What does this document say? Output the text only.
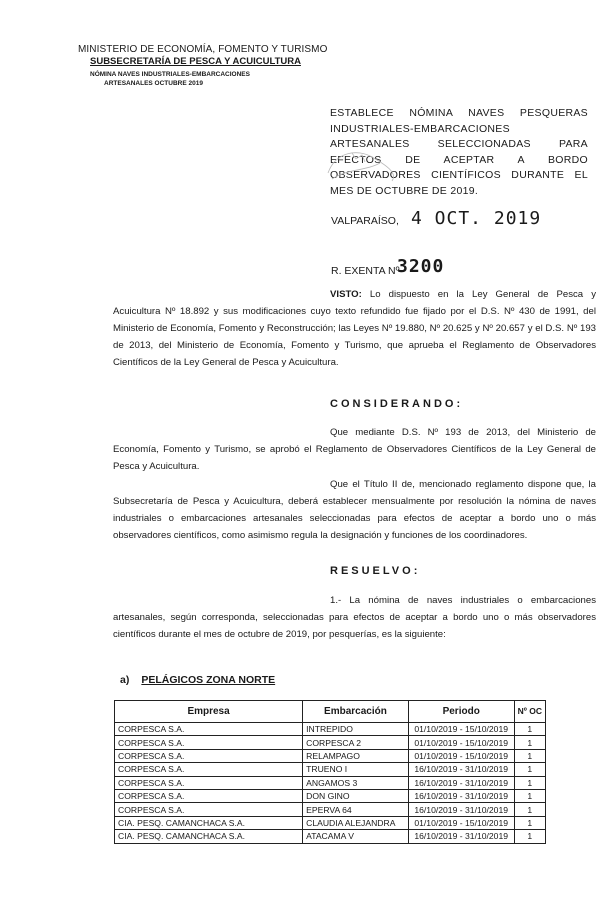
MINISTERIO DE ECONOMÍA, FOMENTO Y TURISMO
SUBSECRETARÍA DE PESCA Y ACUICULTURA
NÓMINA NAVES INDUSTRIALES-EMBARCACIONES
ARTESANALES OCTUBRE 2019
ESTABLECE NÓMINA NAVES PESQUERAS INDUSTRIALES-EMBARCACIONES ARTESANALES SELECCIONADAS PARA EFECTOS DE ACEPTAR A BORDO OBSERVADORES CIENTÍFICOS DURANTE EL MES DE OCTUBRE DE 2019.
VALPARAÍSO, 4 OCT. 2019
R. EXENTA Nº
3200
VISTO: Lo dispuesto en la Ley General de Pesca y Acuicultura Nº 18.892 y sus modificaciones cuyo texto refundido fue fijado por el D.S. Nº 430 de 1991, del Ministerio de Economía, Fomento y Reconstrucción; las Leyes Nº 19.880, Nº 20.625 y Nº 20.657 y el D.S. Nº 193 de 2013, del Ministerio de Economía, Fomento y Turismo, que aprueba el Reglamento de Observadores Científicos de la Ley General de Pesca y Acuicultura.
CONSIDERANDO:
Que mediante D.S. Nº 193 de 2013, del Ministerio de Economía, Fomento y Turismo, se aprobó el Reglamento de Observadores Científicos de la Ley General de Pesca y Acuicultura.
Que el Título II de, mencionado reglamento dispone que, la Subsecretaría de Pesca y Acuicultura, deberá establecer mensualmente por resolución la nómina de naves industriales o embarcaciones artesanales seleccionadas para efectos de aceptar a bordo uno o más observadores científicos, como asimismo regula la designación y funciones de los coordinadores.
RESUELVO:
1.- La nómina de naves industriales o embarcaciones artesanales, según corresponda, seleccionadas para efectos de aceptar a bordo uno o más observadores científicos durante el mes de octubre de 2019, por pesquerías, es la siguiente:
a) PELÁGICOS ZONA NORTE
Empresa	Embarcación	Periodo	Nº OC
CORPESCA S.A.	INTREPIDO	01/10/2019 - 15/10/2019	1
CORPESCA S.A.	CORPESCA 2	01/10/2019 - 15/10/2019	1
CORPESCA S.A.	RELAMPAGO	01/10/2019 - 15/10/2019	1
CORPESCA S.A.	TRUENO I	16/10/2019 - 31/10/2019	1
CORPESCA S.A.	ANGAMOS 3	16/10/2019 - 31/10/2019	1
CORPESCA S.A.	DON GINO	16/10/2019 - 31/10/2019	1
CORPESCA S.A.	EPERVA 64	16/10/2019 - 31/10/2019	1
CIA. PESQ. CAMANCHACA S.A.	CLAUDIA ALEJANDRA	01/10/2019 - 15/10/2019	1
CIA. PESQ. CAMANCHACA S.A.	ATACAMA V	16/10/2019 - 31/10/2019	1
